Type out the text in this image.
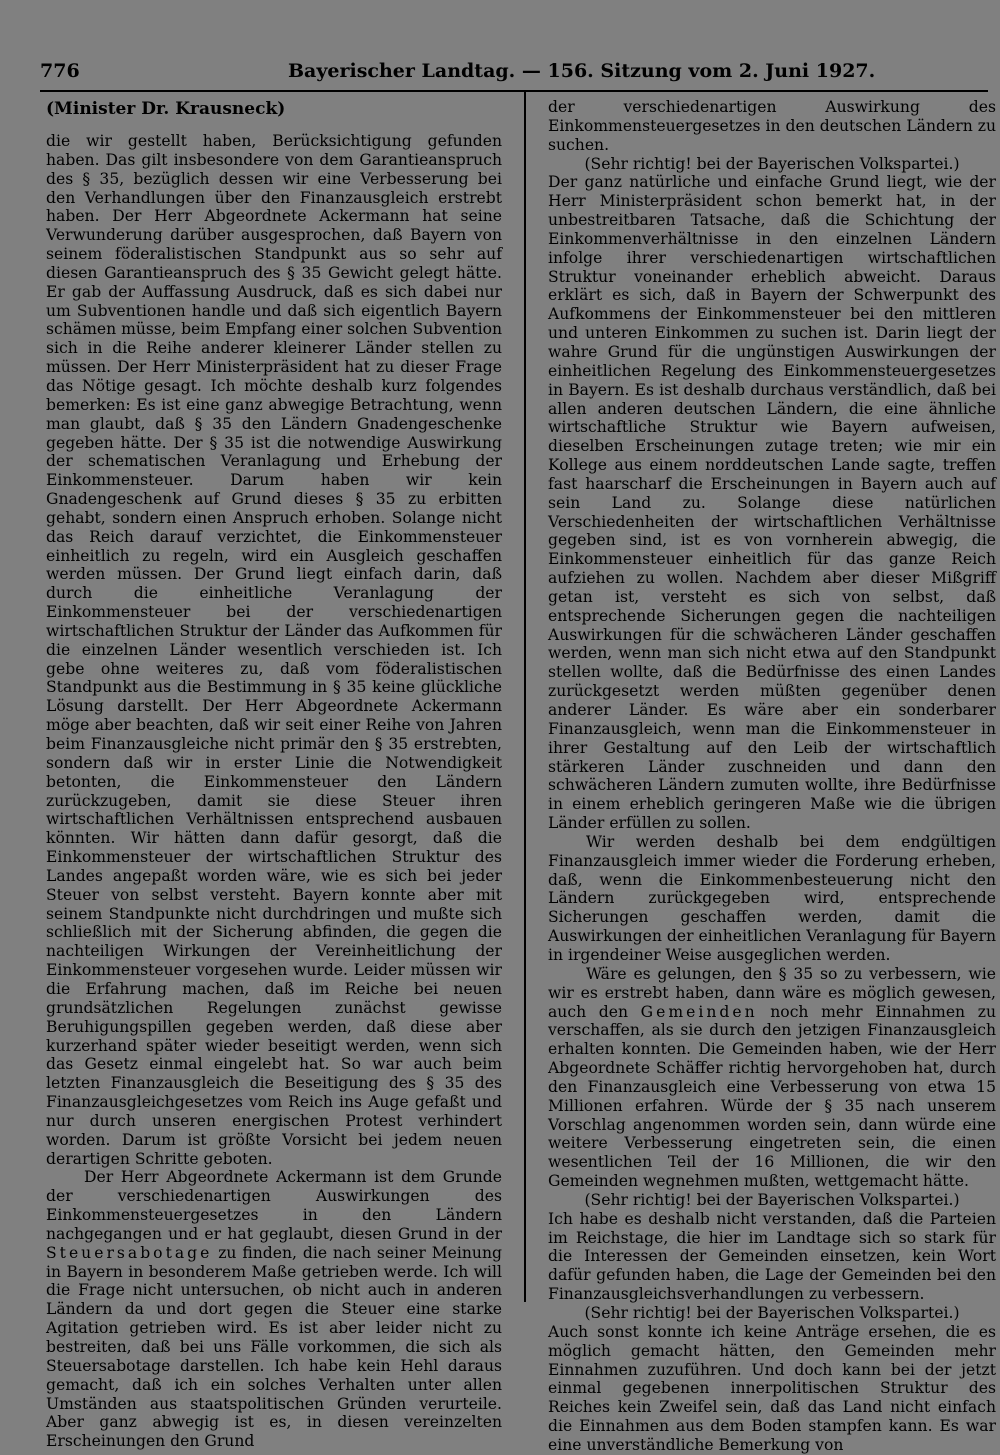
776	Bayerischer Landtag. — 156. Sitzung vom 2. Juni 1927.
(Minister Dr. Krausneck)

die wir gestellt haben, Berücksichtigung gefunden haben. Das gilt insbesondere von dem Garantieanspruch des § 35, bezüglich dessen wir eine Verbesserung bei den Verhandlungen über den Finanzausgleich erstrebt haben. Der Herr Abgeordnete Ackermann hat seine Verwunderung darüber ausgesprochen, daß Bayern von seinem föderalistischen Standpunkt aus so sehr auf diesen Garantieanspruch des § 35 Gewicht gelegt hätte. Er gab der Auffassung Ausdruck, daß es sich dabei nur um Subventionen handle und daß sich eigentlich Bayern schämen müsse, beim Empfang einer solchen Subvention sich in die Reihe anderer kleinerer Länder stellen zu müssen. Der Herr Ministerpräsident hat zu dieser Frage das Nötige gesagt. Ich möchte deshalb kurz folgendes bemerken: Es ist eine ganz abwegige Betrachtung, wenn man glaubt, daß § 35 den Ländern Gnadengeschenke gegeben hätte. Der § 35 ist die notwendige Auswirkung der schematischen Veranlagung und Erhebung der Einkommensteuer. Darum haben wir kein Gnadengeschenk auf Grund dieses § 35 zu erbitten gehabt, sondern einen Anspruch erhoben. Solange nicht das Reich darauf verzichtet, die Einkommensteuer einheitlich zu regeln, wird ein Ausgleich geschaffen werden müssen. Der Grund liegt einfach darin, daß durch die einheitliche Veranlagung der Einkommensteuer bei der verschiedenartigen wirtschaftlichen Struktur der Länder das Aufkommen für die einzelnen Länder wesentlich verschieden ist. Ich gebe ohne weiteres zu, daß vom föderalistischen Standpunkt aus die Bestimmung in § 35 keine glückliche Lösung darstellt. Der Herr Abgeordnete Ackermann möge aber beachten, daß wir seit einer Reihe von Jahren beim Finanzausgleiche nicht primär den § 35 erstrebten, sondern daß wir in erster Linie die Notwendigkeit betonten, die Einkommensteuer den Ländern zurückzugeben, damit sie diese Steuer ihren wirtschaftlichen Verhältnissen entsprechend ausbauen könnten. Wir hätten dann dafür gesorgt, daß die Einkommensteuer der wirtschaftlichen Struktur des Landes angepaßt worden wäre, wie es sich bei jeder Steuer von selbst versteht. Bayern konnte aber mit seinem Standpunkte nicht durchdringen und mußte sich schließlich mit der Sicherung abfinden, die gegen die nachteiligen Wirkungen der Vereinheitlichung der Einkommensteuer vorgesehen wurde. Leider müssen wir die Erfahrung machen, daß im Reiche bei neuen grundsätzlichen Regelungen zunächst gewisse Beruhigungspillen gegeben werden, daß diese aber kurzerhand später wieder beseitigt werden, wenn sich das Gesetz einmal eingelebt hat. So war auch beim letzten Finanzausgleich die Beseitigung des § 35 des Finanzausgleichgesetzes vom Reich ins Auge gefaßt und nur durch unseren energischen Protest verhindert worden. Darum ist größte Vorsicht bei jedem neuen derartigen Schritte geboten.

Der Herr Abgeordnete Ackermann ist dem Grunde der verschiedenartigen Auswirkungen des Einkommensteuergesetzes in den Ländern nachgegangen und er hat geglaubt, diesen Grund in der Steuersabotage zu finden, die nach seiner Meinung in Bayern in besonderem Maße getrieben werde. Ich will die Frage nicht untersuchen, ob nicht auch in anderen Ländern da und dort gegen die Steuer eine starke Agitation getrieben wird. Es ist aber leider nicht zu bestreiten, daß bei uns Fälle vorkommen, die sich als Steuersabotage darstellen. Ich habe kein Hehl daraus gemacht, daß ich ein solches Verhalten unter allen Umständen aus staatspolitischen Gründen verurteile. Aber ganz abwegig ist es, in diesen vereinzelten Erscheinungen den Grund

der verschiedenartigen Auswirkung des Einkommensteuergesetzes in den deutschen Ländern zu suchen.

(Sehr richtig! bei der Bayerischen Volkspartei.)

Der ganz natürliche und einfache Grund liegt, wie der Herr Ministerpräsident schon bemerkt hat, in der unbestreitbaren Tatsache, daß die Schichtung der Einkommenverhältnisse in den einzelnen Ländern infolge ihrer verschiedenartigen wirtschaftlichen Struktur voneinander erheblich abweicht. Daraus erklärt es sich, daß in Bayern der Schwerpunkt des Aufkommens der Einkommensteuer bei den mittleren und unteren Einkommen zu suchen ist. Darin liegt der wahre Grund für die ungünstigen Auswirkungen der einheitlichen Regelung des Einkommensteuergesetzes in Bayern. Es ist deshalb durchaus verständlich, daß bei allen anderen deutschen Ländern, die eine ähnliche wirtschaftliche Struktur wie Bayern aufweisen, dieselben Erscheinungen zutage treten; wie mir ein Kollege aus einem norddeutschen Lande sagte, treffen fast haarscharf die Erscheinungen in Bayern auch auf sein Land zu. Solange diese natürlichen Verschiedenheiten der wirtschaftlichen Verhältnisse gegeben sind, ist es von vornherein abwegig, die Einkommensteuer einheitlich für das ganze Reich aufziehen zu wollen. Nachdem aber dieser Mißgriff getan ist, versteht es sich von selbst, daß entsprechende Sicherungen gegen die nachteiligen Auswirkungen für die schwächeren Länder geschaffen werden, wenn man sich nicht etwa auf den Standpunkt stellen wollte, daß die Bedürfnisse des einen Landes zurückgesetzt werden müßten gegenüber denen anderer Länder. Es wäre aber ein sonderbarer Finanzausgleich, wenn man die Einkommensteuer in ihrer Gestaltung auf den Leib der wirtschaftlich stärkeren Länder zuschneiden und dann den schwächeren Ländern zumuten wollte, ihre Bedürfnisse in einem erheblich geringeren Maße wie die übrigen Länder erfüllen zu sollen.

Wir werden deshalb bei dem endgültigen Finanzausgleich immer wieder die Forderung erheben, daß, wenn die Einkommenbesteuerung nicht den Ländern zurückgegeben wird, entsprechende Sicherungen geschaffen werden, damit die Auswirkungen der einheitlichen Veranlagung für Bayern in irgendeiner Weise ausgeglichen werden.

Wäre es gelungen, den § 35 so zu verbessern, wie wir es erstrebt haben, dann wäre es möglich gewesen, auch den Gemeinden noch mehr Einnahmen zu verschaffen, als sie durch den jetzigen Finanzausgleich erhalten konnten. Die Gemeinden haben, wie der Herr Abgeordnete Schäffer richtig hervorgehoben hat, durch den Finanzausgleich eine Verbesserung von etwa 15 Millionen erfahren. Würde der § 35 nach unserem Vorschlag angenommen worden sein, dann würde eine weitere Verbesserung eingetreten sein, die einen wesentlichen Teil der 16 Millionen, die wir den Gemeinden wegnehmen mußten, wettgemacht hätte.

(Sehr richtig! bei der Bayerischen Volkspartei.)

Ich habe es deshalb nicht verstanden, daß die Parteien im Reichstage, die hier im Landtage sich so stark für die Interessen der Gemeinden einsetzen, kein Wort dafür gefunden haben, die Lage der Gemeinden bei den Finanzausgleichsverhandlungen zu verbessern.

(Sehr richtig! bei der Bayerischen Volkspartei.)

Auch sonst konnte ich keine Anträge ersehen, die es möglich gemacht hätten, den Gemeinden mehr Einnahmen zuzuführen. Und doch kann bei der jetzt einmal gegebenen innerpolitischen Struktur des Reiches kein Zweifel sein, daß das Land nicht einfach die Einnahmen aus dem Boden stampfen kann. Es war eine unverständliche Bemerkung von
